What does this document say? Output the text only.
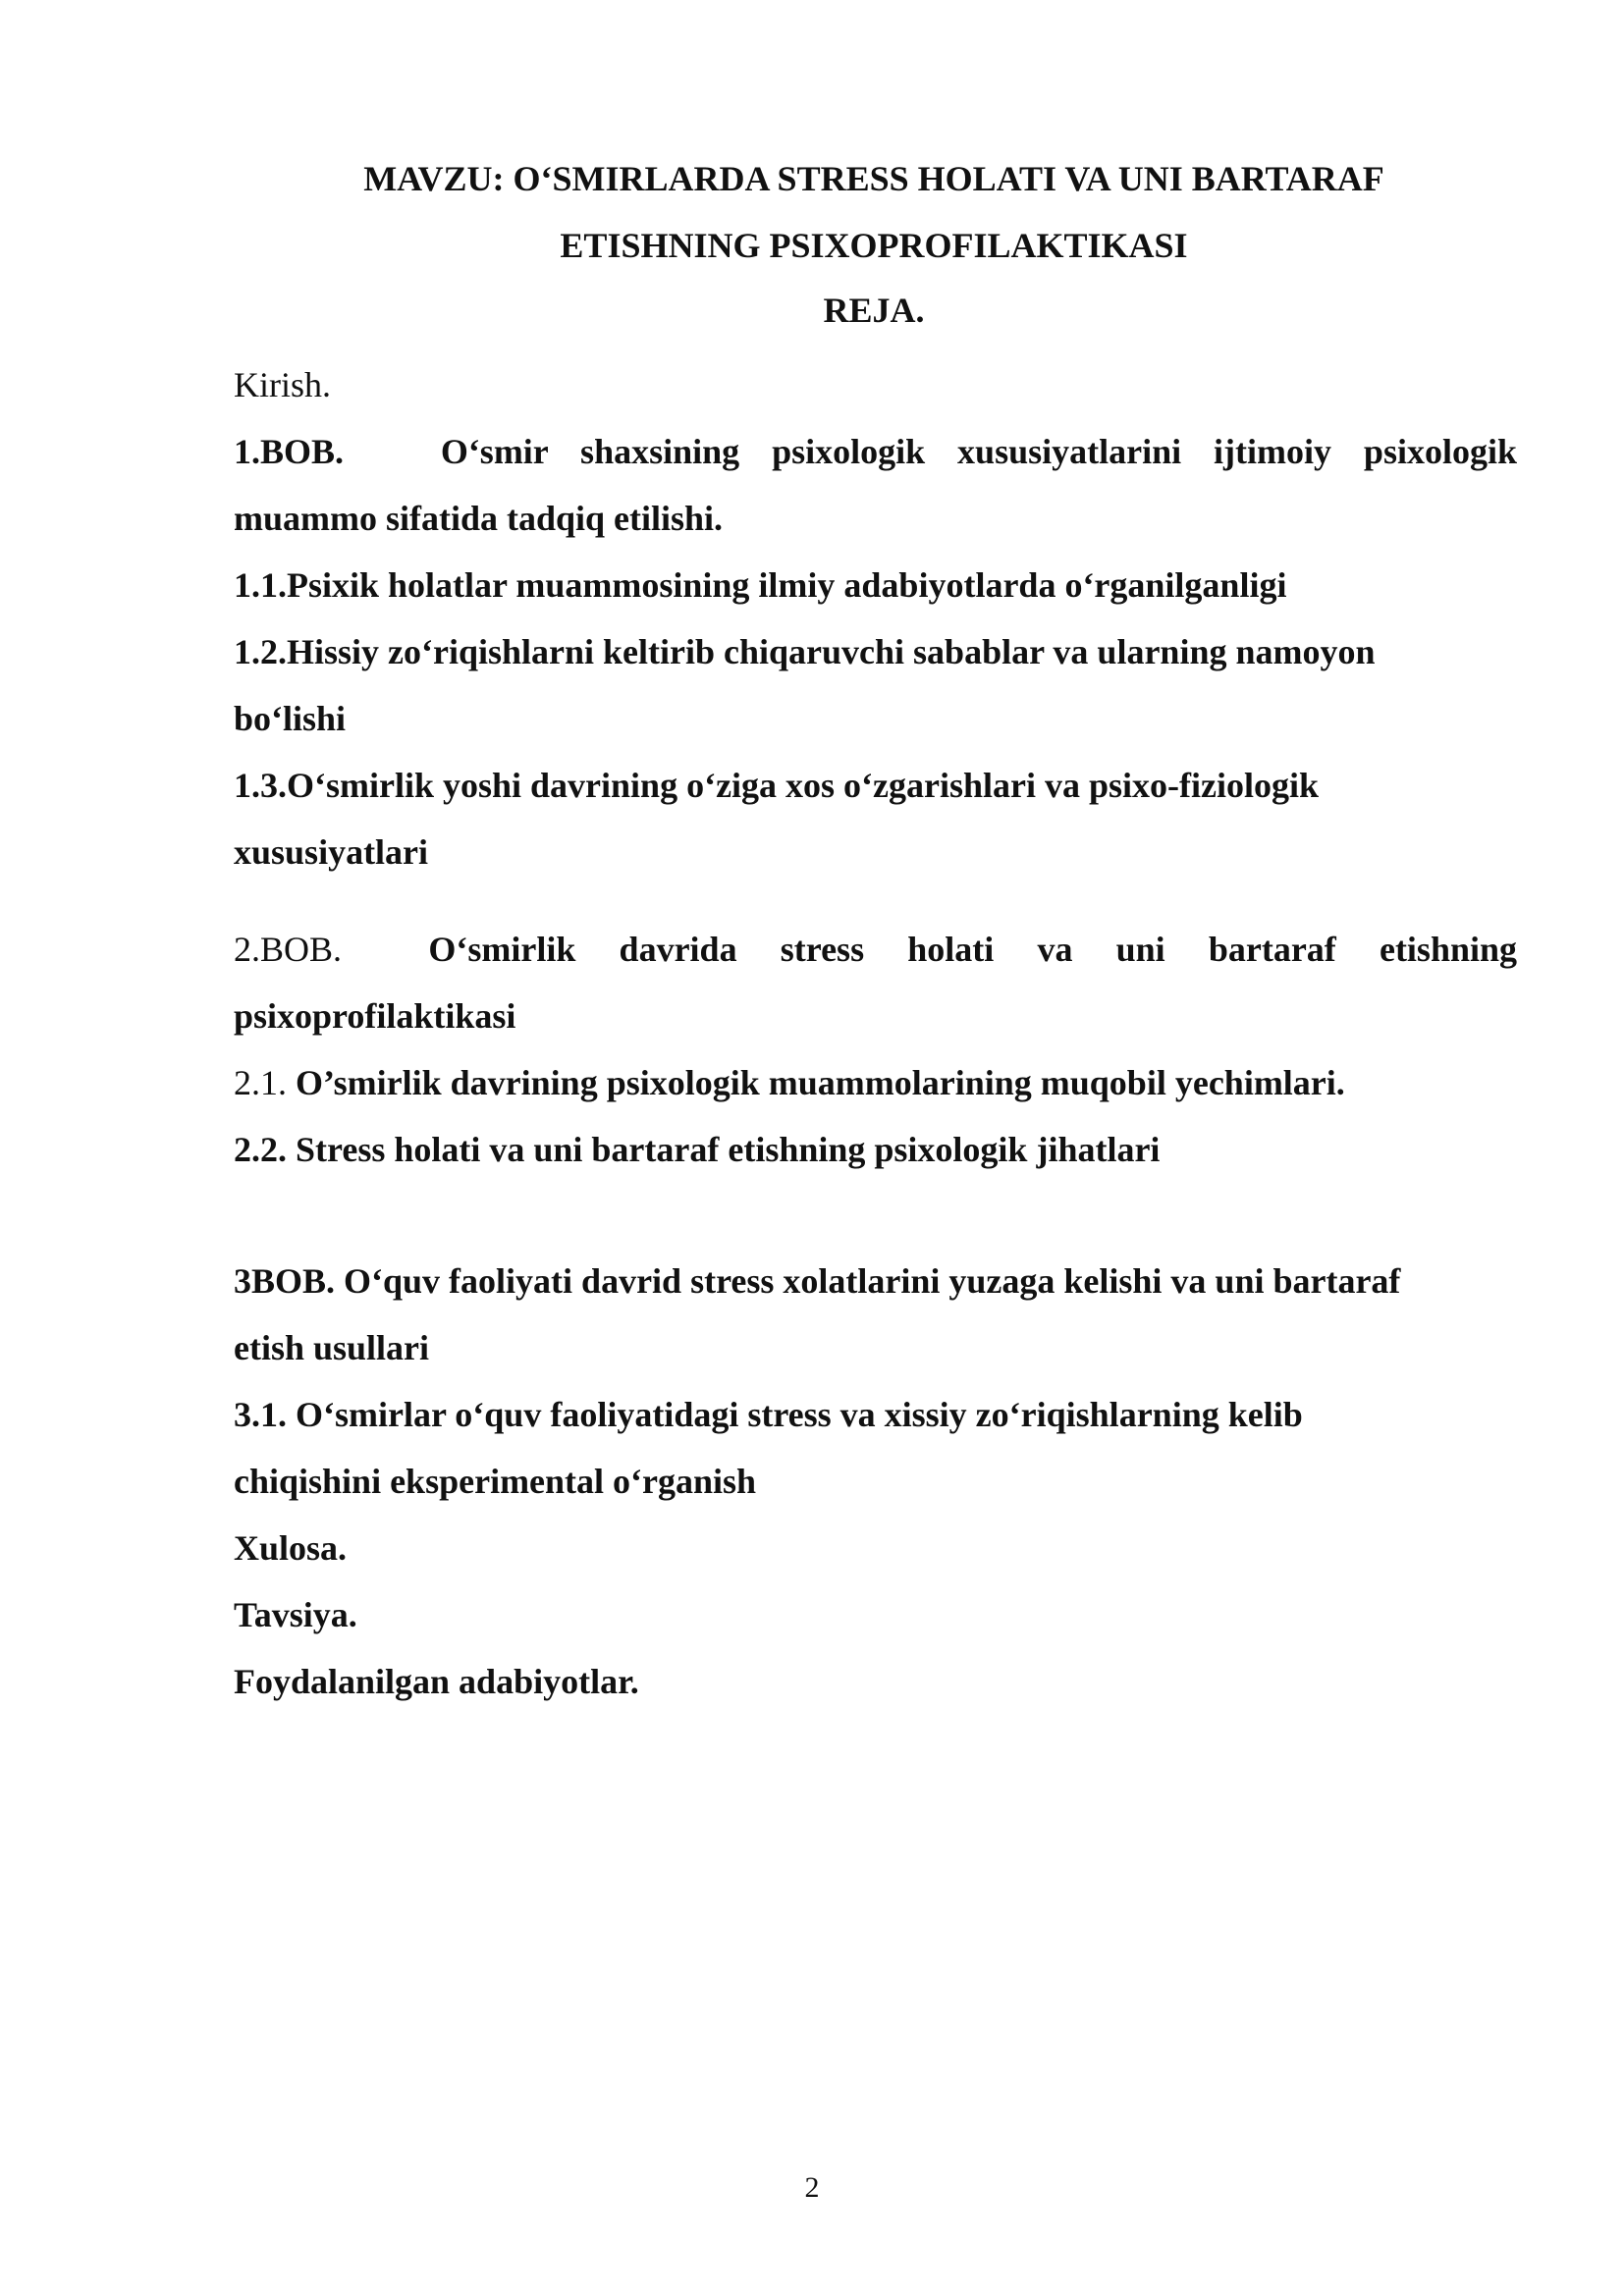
MAVZU: O‘SMIRLARDA STRESS HOLATI VA UNI BARTARAF
ETISHNING PSIXOPROFILAKTIKASI
REJA.

Kirish.

1.BOB.	O‘smir shaxsining psixologik xususiyatlarini ijtimoiy psixologik

muammo sifatida tadqiq etilishi.

1.1.Psixik holatlar muammosining ilmiy adabiyotlarda o‘rganilganligi

1.2.Hissiy zo‘riqishlarni keltirib chiqaruvchi sabablar va ularning namoyon

bo‘lishi

1.3.O‘smirlik yoshi davrining o‘ziga xos o‘zgarishlari va psixo-fiziologik

xususiyatlari

2.BOB. O‘smirlik davrida stress holati va uni bartaraf etishning

psixoprofilaktikasi

2.1. O’smirlik davrining psixologik muammolarining muqobil yechimlari.

2.2. Stress holati va uni bartaraf etishning psixologik jihatlari

3BOB. O‘quv faoliyati davrid stress xolatlarini yuzaga kelishi va uni bartaraf

etish usullari

3.1. O‘smirlar o‘quv faoliyatidagi stress va xissiy zo‘riqishlarning kelib

chiqishini eksperimental o‘rganish

Xulosa.

Tavsiya.

Foydalanilgan adabiyotlar.

2
